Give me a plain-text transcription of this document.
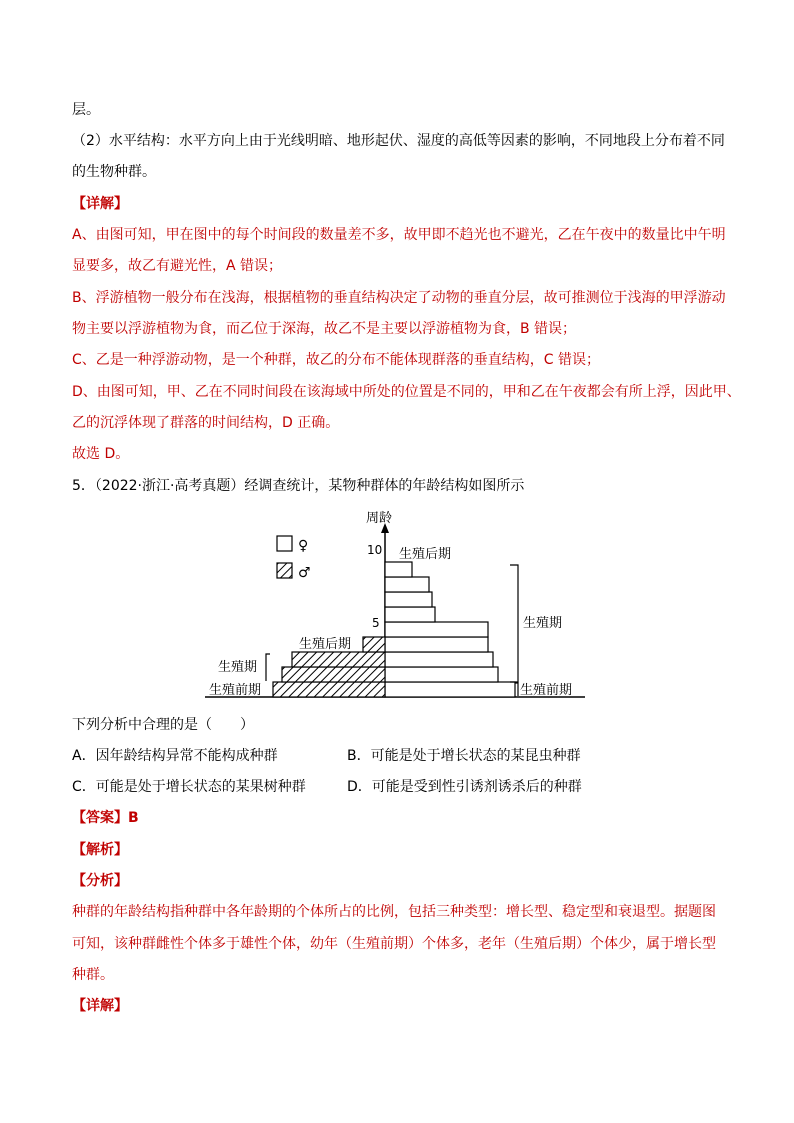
层。
（2）水平结构：水平方向上由于光线明暗、地形起伏、湿度的高低等因素的影响，不同地段上分布着不同
的生物种群。
【详解】
A、由图可知，甲在图中的每个时间段的数量差不多，故甲即不趋光也不避光，乙在午夜中的数量比中午明
显要多，故乙有避光性，A 错误；
B、浮游植物一般分布在浅海，根据植物的垂直结构决定了动物的垂直分层，故可推测位于浅海的甲浮游动
物主要以浮游植物为食，而乙位于深海，故乙不是主要以浮游植物为食，B 错误；
C、乙是一种浮游动物，是一个种群，故乙的分布不能体现群落的垂直结构，C 错误；
D、由图可知，甲、乙在不同时间段在该海域中所处的位置是不同的，甲和乙在午夜都会有所上浮，因此甲、
乙的沉浮体现了群落的时间结构，D 正确。
故选 D。
5．（2022·浙江·高考真题）经调查统计，某物种群体的年龄结构如图所示
♀
♂
周龄
10
5
生殖后期
生殖期
生殖前期
生殖后期
生殖期
生殖前期
下列分析中合理的是（　　）
A．因年龄结构异常不能构成种群	B．可能是处于增长状态的某昆虫种群
C．可能是处于增长状态的某果树种群	D．可能是受到性引诱剂诱杀后的种群
【答案】B
【解析】
【分析】
种群的年龄结构指种群中各年龄期的个体所占的比例，包括三种类型：增长型、稳定型和衰退型。据题图
可知，该种群雌性个体多于雄性个体，幼年（生殖前期）个体多，老年（生殖后期）个体少，属于增长型
种群。
【详解】
